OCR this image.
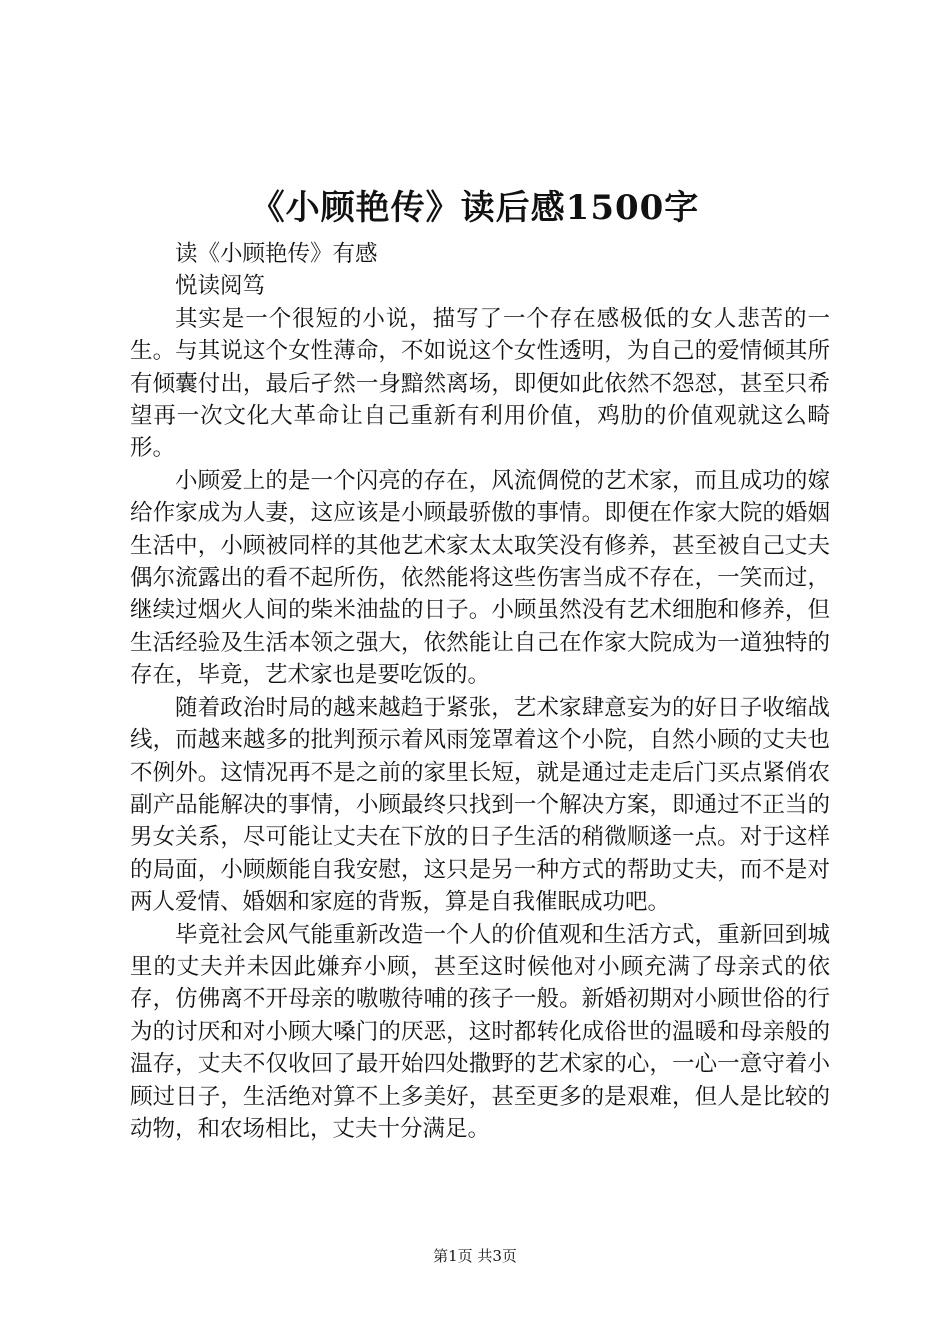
《小顾艳传》读后感1500字

读《小顾艳传》有感

悦读阅笃

其实是一个很短的小说，描写了一个存在感极低的女人悲苦的一生。与其说这个女性薄命，不如说这个女性透明，为自己的爱情倾其所有倾囊付出，最后孑然一身黯然离场，即便如此依然不怨怼，甚至只希望再一次文化大革命让自己重新有利用价值，鸡肋的价值观就这么畸形。

小顾爱上的是一个闪亮的存在，风流倜傥的艺术家，而且成功的嫁给作家成为人妻，这应该是小顾最骄傲的事情。即便在作家大院的婚姻生活中，小顾被同样的其他艺术家太太取笑没有修养，甚至被自己丈夫偶尔流露出的看不起所伤，依然能将这些伤害当成不存在，一笑而过，继续过烟火人间的柴米油盐的日子。小顾虽然没有艺术细胞和修养，但生活经验及生活本领之强大，依然能让自己在作家大院成为一道独特的存在，毕竟，艺术家也是要吃饭的。

随着政治时局的越来越趋于紧张，艺术家肆意妄为的好日子收缩战线，而越来越多的批判预示着风雨笼罩着这个小院，自然小顾的丈夫也不例外。这情况再不是之前的家里长短，就是通过走走后门买点紧俏农副产品能解决的事情，小顾最终只找到一个解决方案，即通过不正当的男女关系，尽可能让丈夫在下放的日子生活的稍微顺遂一点。对于这样的局面，小顾颇能自我安慰，这只是另一种方式的帮助丈夫，而不是对两人爱情、婚姻和家庭的背叛，算是自我催眠成功吧。

毕竟社会风气能重新改造一个人的价值观和生活方式，重新回到城里的丈夫并未因此嫌弃小顾，甚至这时候他对小顾充满了母亲式的依存，仿佛离不开母亲的嗷嗷待哺的孩子一般。新婚初期对小顾世俗的行为的讨厌和对小顾大嗓门的厌恶，这时都转化成俗世的温暖和母亲般的温存，丈夫不仅收回了最开始四处撒野的艺术家的心，一心一意守着小顾过日子，生活绝对算不上多美好，甚至更多的是艰难，但人是比较的动物，和农场相比，丈夫十分满足。

第1页 共3页
